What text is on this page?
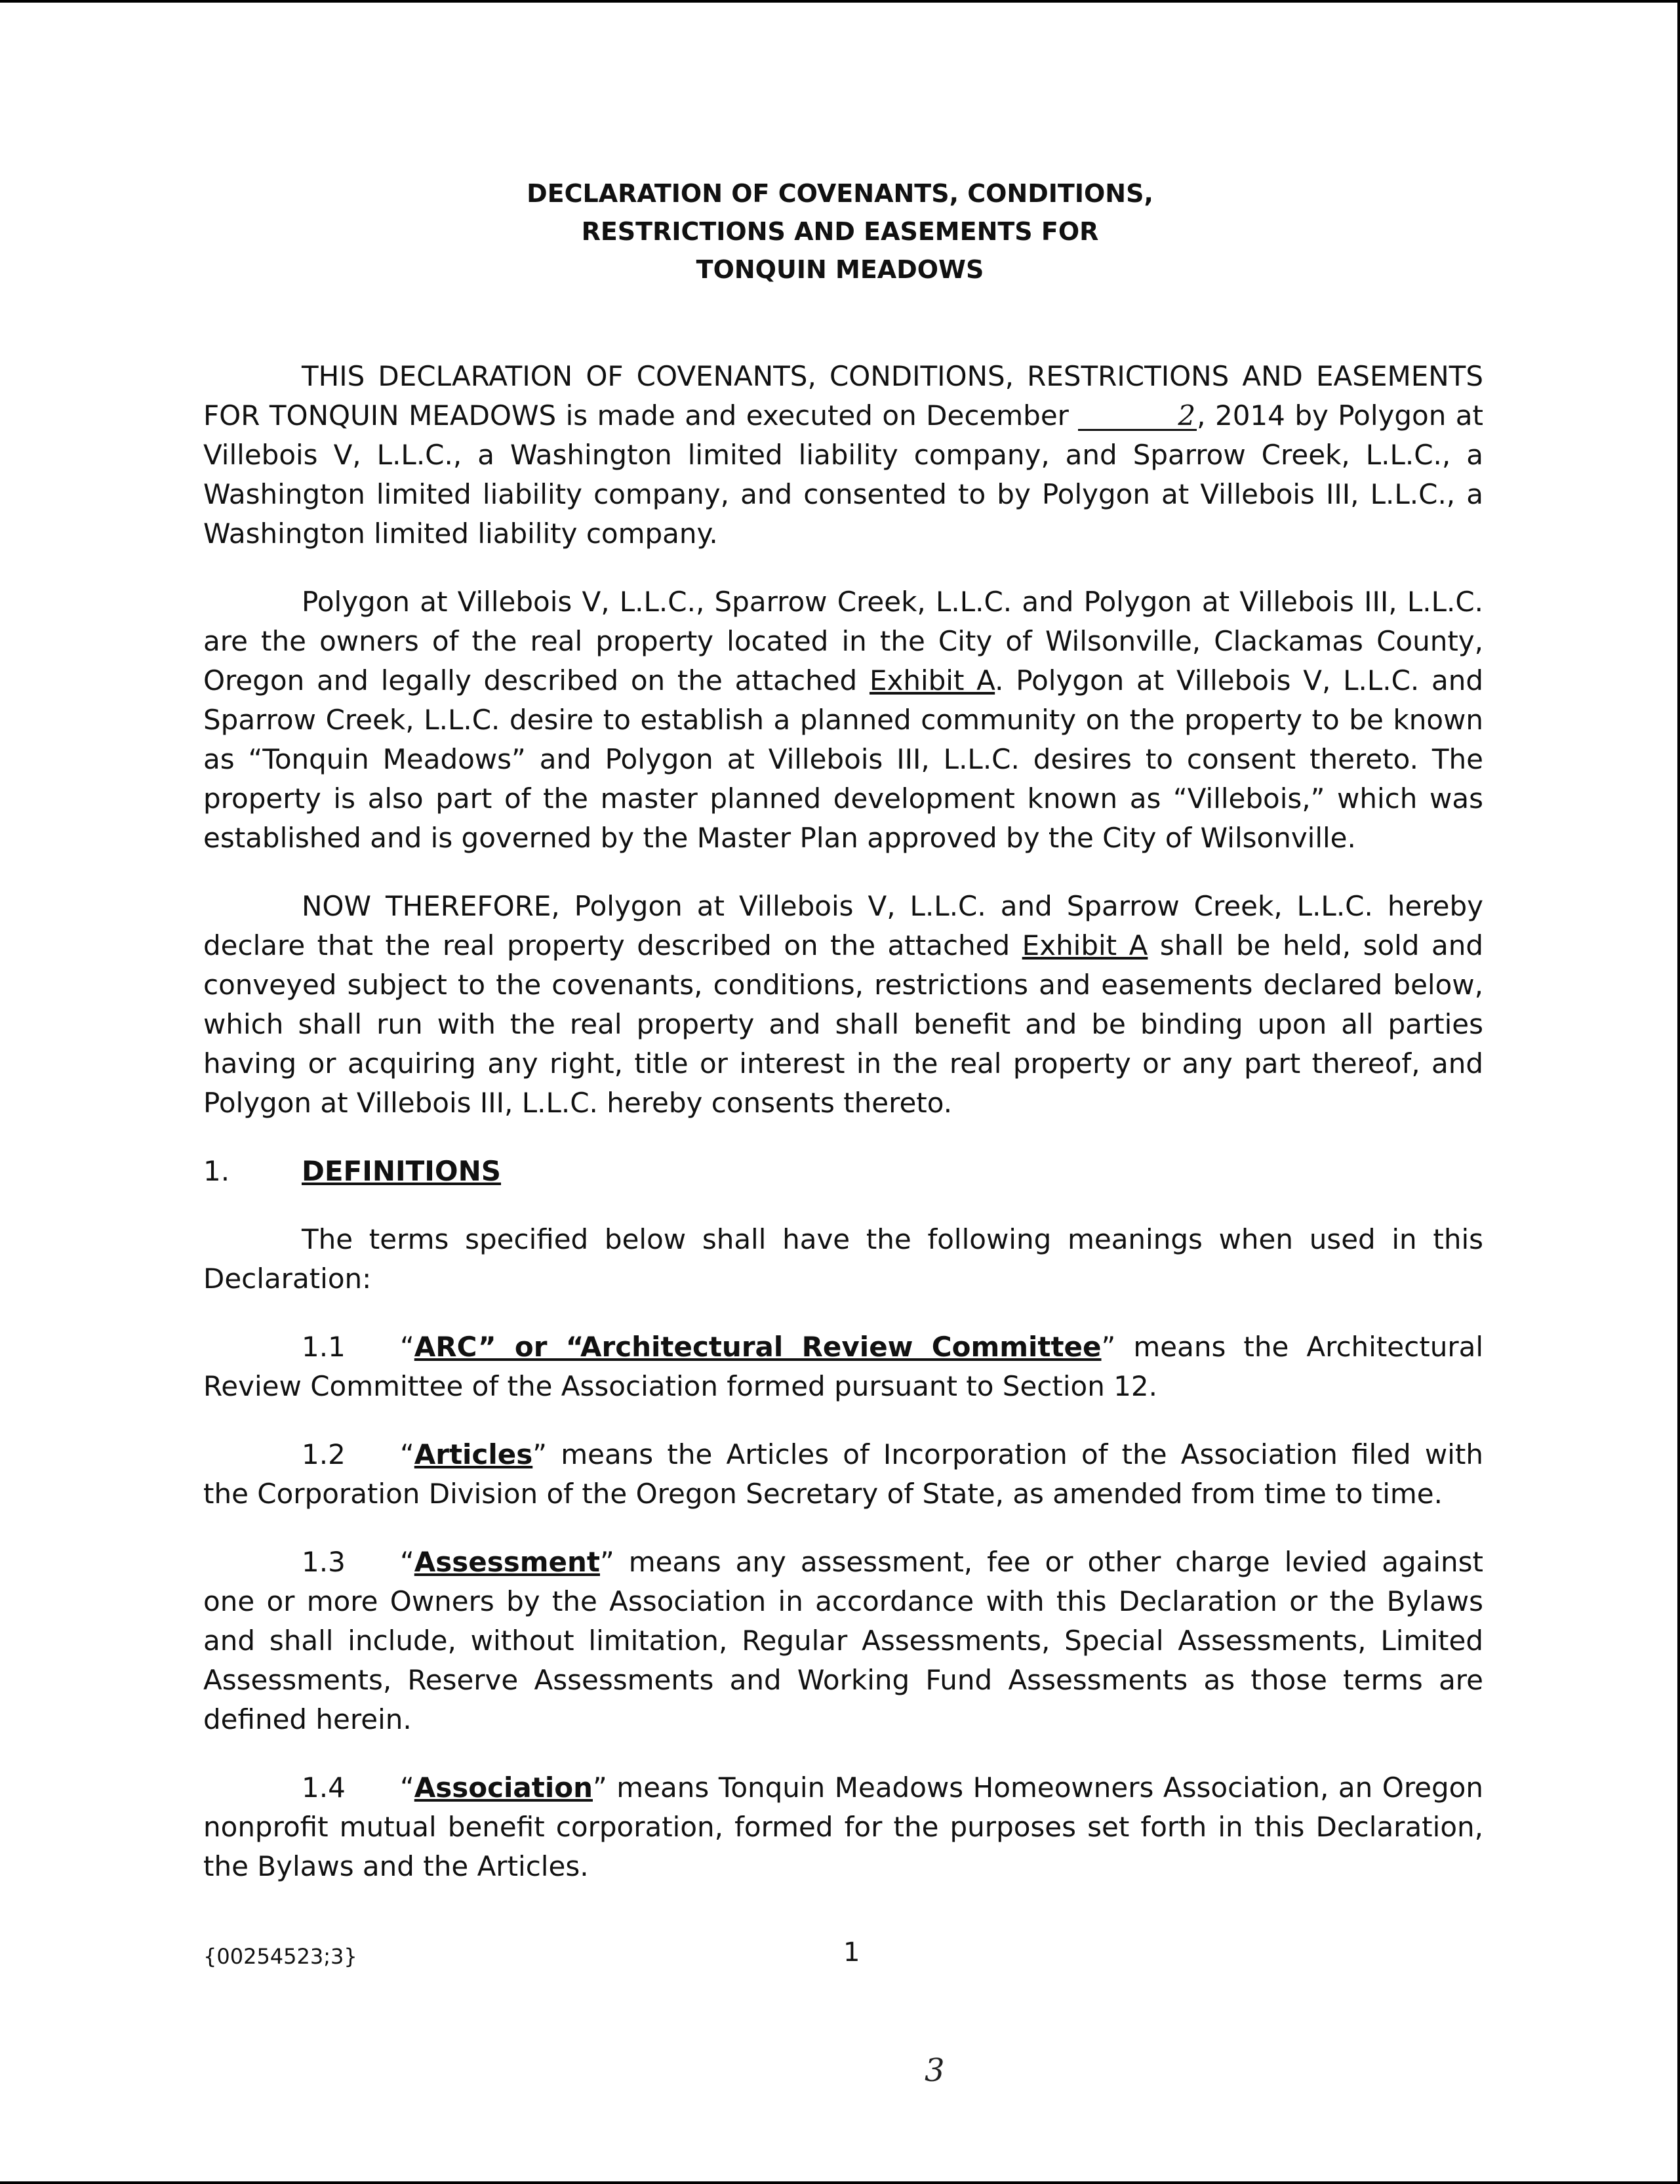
DECLARATION OF COVENANTS, CONDITIONS,
RESTRICTIONS AND EASEMENTS FOR
TONQUIN MEADOWS

THIS DECLARATION OF COVENANTS, CONDITIONS, RESTRICTIONS AND EASEMENTS FOR TONQUIN MEADOWS is made and executed on December	2, 2014 by Polygon at Villebois V, L.L.C., a Washington limited liability company, and Sparrow Creek, L.L.C., a Washington limited liability company, and consented to by Polygon at Villebois III, L.L.C., a Washington limited liability company.

Polygon at Villebois V, L.L.C., Sparrow Creek, L.L.C. and Polygon at Villebois III, L.L.C. are the owners of the real property located in the City of Wilsonville, Clackamas County, Oregon and legally described on the attached Exhibit A. Polygon at Villebois V, L.L.C. and Sparrow Creek, L.L.C. desire to establish a planned community on the property to be known as “Tonquin Meadows” and Polygon at Villebois III, L.L.C. desires to consent thereto. The property is also part of the master planned development known as “Villebois,” which was established and is governed by the Master Plan approved by the City of Wilsonville.

NOW THEREFORE, Polygon at Villebois V, L.L.C. and Sparrow Creek, L.L.C. hereby declare that the real property described on the attached Exhibit A shall be held, sold and conveyed subject to the covenants, conditions, restrictions and easements declared below, which shall run with the real property and shall benefit and be binding upon all parties having or acquiring any right, title or interest in the real property or any part thereof, and Polygon at Villebois III, L.L.C. hereby consents thereto.

1.	DEFINITIONS

The terms specified below shall have the following meanings when used in this Declaration:

1.1 “ARC” or “Architectural Review Committee” means the Architectural Review Committee of the Association formed pursuant to Section 12.

1.2 “Articles” means the Articles of Incorporation of the Association filed with the Corporation Division of the Oregon Secretary of State, as amended from time to time.

1.3 “Assessment” means any assessment, fee or other charge levied against one or more Owners by the Association in accordance with this Declaration or the Bylaws and shall include, without limitation, Regular Assessments, Special Assessments, Limited Assessments, Reserve Assessments and Working Fund Assessments as those terms are defined herein.

1.4 “Association” means Tonquin Meadows Homeowners Association, an Oregon nonprofit mutual benefit corporation, formed for the purposes set forth in this Declaration, the Bylaws and the Articles.

{00254523;3}	1
3
